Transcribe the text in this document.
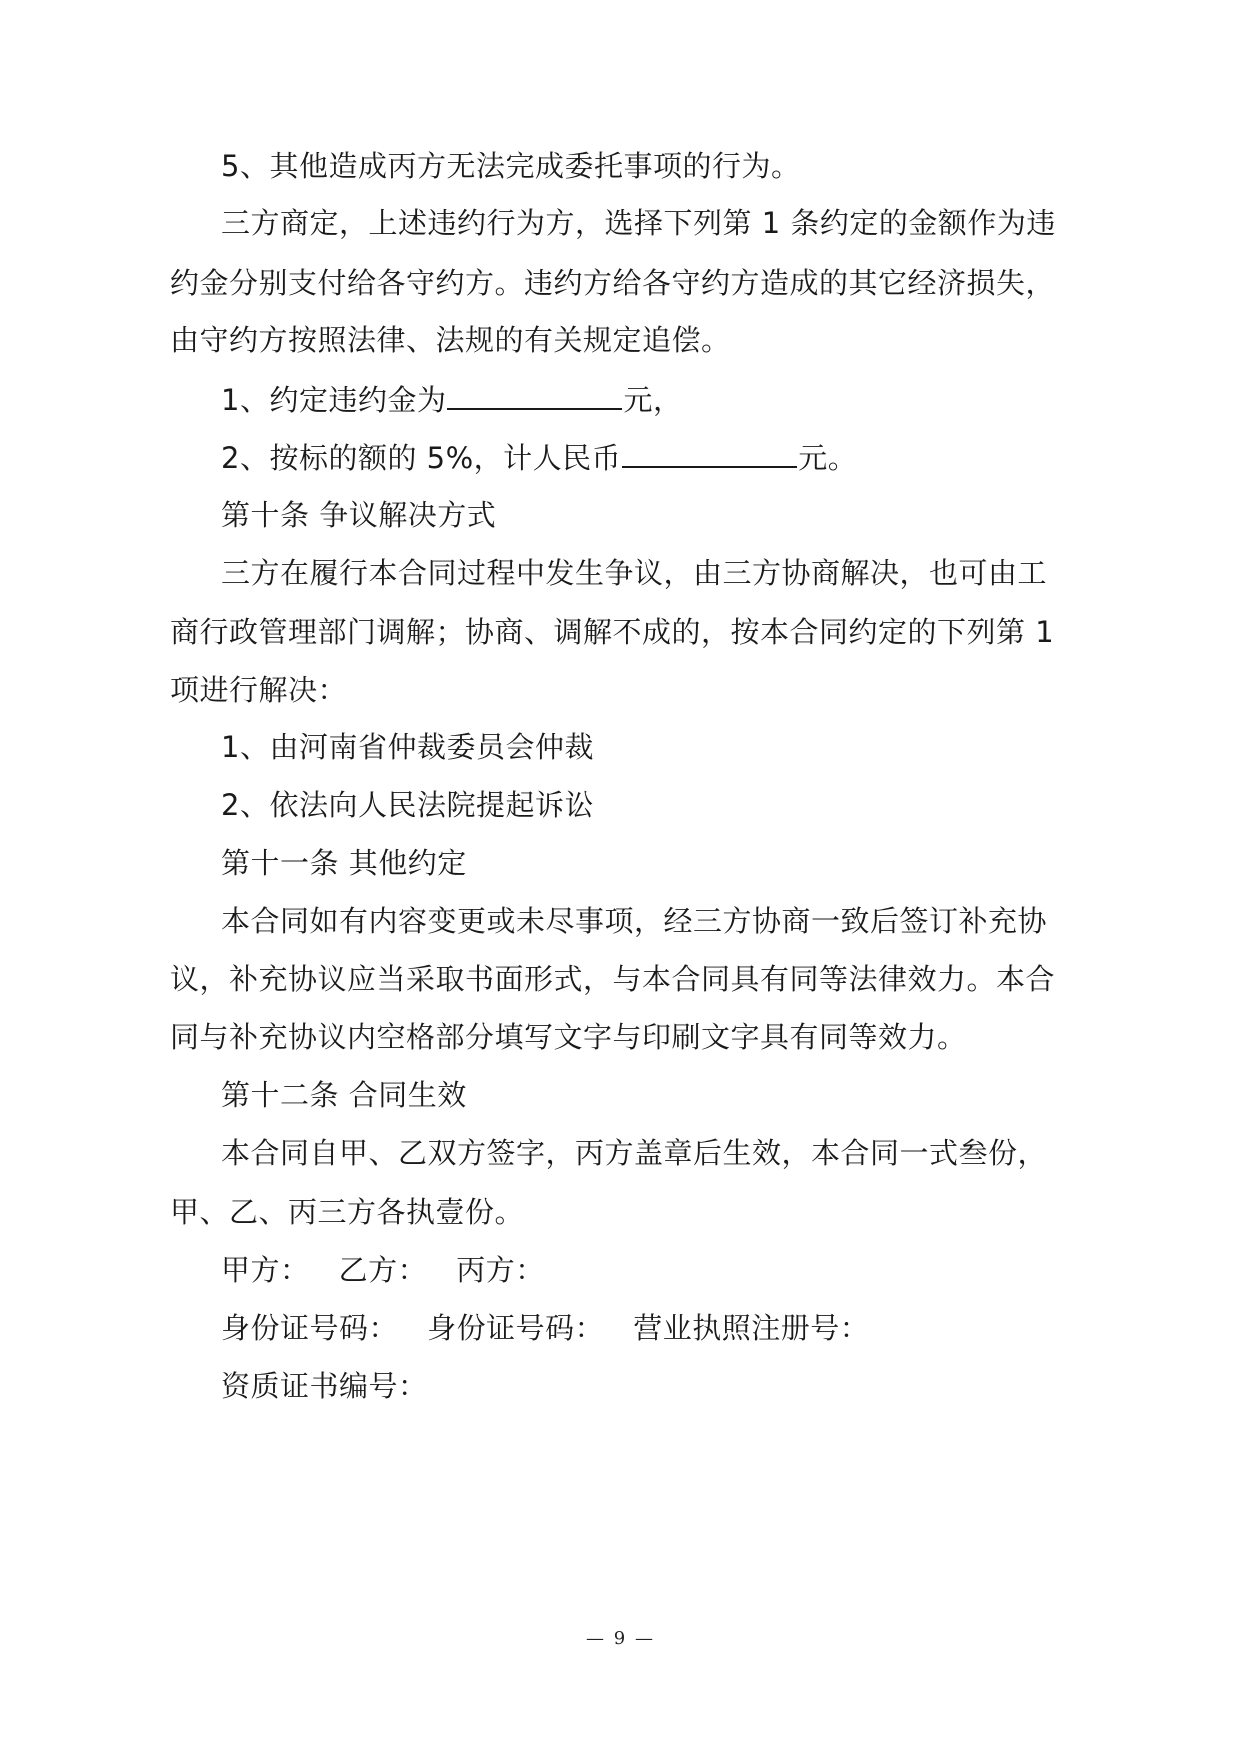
5、其他造成丙方无法完成委托事项的行为。
三方商定，上述违约行为方，选择下列第 1 条约定的金额作为违
约金分别支付给各守约方。违约方给各守约方造成的其它经济损失，
由守约方按照法律、法规的有关规定追偿。
1、约定违约金为	元，
2、按标的额的 5%，计人民币	元。
第十条 争议解决方式
三方在履行本合同过程中发生争议，由三方协商解决，也可由工
商行政管理部门调解；协商、调解不成的，按本合同约定的下列第 1
项进行解决：
1、由河南省仲裁委员会仲裁
2、依法向人民法院提起诉讼
第十一条 其他约定
本合同如有内容变更或未尽事项，经三方协商一致后签订补充协
议，补充协议应当采取书面形式，与本合同具有同等法律效力。本合
同与补充协议内空格部分填写文字与印刷文字具有同等效力。
第十二条 合同生效
本合同自甲、乙双方签字，丙方盖章后生效，本合同一式叁份，
甲、乙、丙三方各执壹份。
甲方：   乙方：   丙方：
身份证号码：   身份证号码：   营业执照注册号：
资质证书编号：
— 9 —
